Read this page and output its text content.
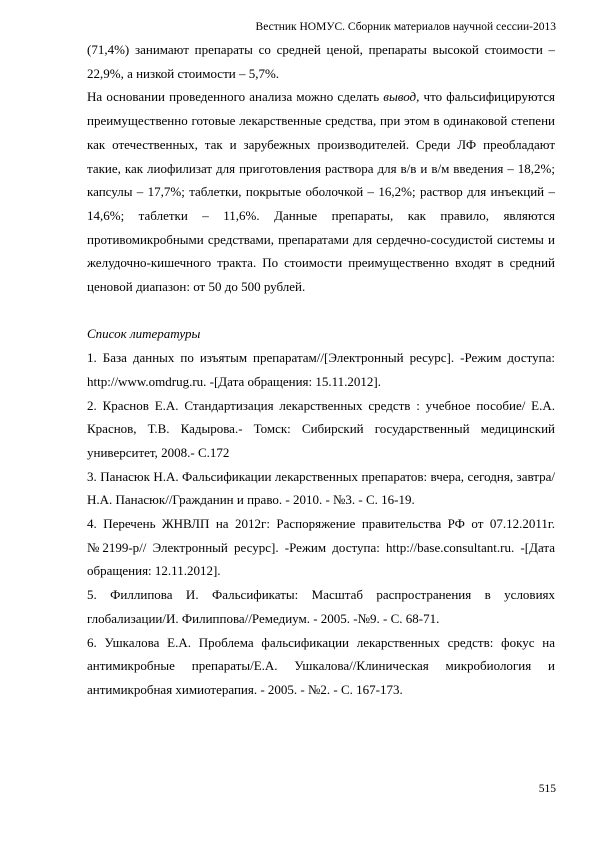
Вестник НОМУС. Сборник материалов научной сессии-2013

(71,4%) занимают препараты со средней ценой, препараты высокой стоимости – 22,9%, а низкой стоимости – 5,7%.

На основании проведенного анализа можно сделать вывод, что фальсифицируются преимущественно готовые лекарственные средства, при этом в одинаковой степени как отечественных, так и зарубежных производителей. Среди ЛФ преобладают такие, как лиофилизат для приготовления раствора для в/в и в/м введения – 18,2%; капсулы – 17,7%; таблетки, покрытые оболочкой – 16,2%; раствор для инъекций – 14,6%; таблетки – 11,6%. Данные препараты, как правило, являются противомикробными средствами, препаратами для сердечно-сосудистой системы и желудочно-кишечного тракта. По стоимости преимущественно входят в средний ценовой диапазон: от 50 до 500 рублей.

Список литературы

1. База данных по изъятым препаратам//[Электронный ресурс]. -Режим доступа: http://www.omdrug.ru. -[Дата обращения: 15.11.2012].

2. Краснов Е.А. Стандартизация лекарственных средств : учебное пособие/ Е.А. Краснов, Т.В. Кадырова.- Томск: Сибирский государственный медицинский университет, 2008.- С.172

3. Панасюк Н.А. Фальсификации лекарственных препаратов: вчера, сегодня, завтра/Н.А. Панасюк//Гражданин и право. - 2010. - №3. - С. 16-19.

4. Перечень ЖНВЛП на 2012г: Распоряжение правительства РФ от 07.12.2011г. №2199-р// Электронный ресурс]. -Режим доступа: http://base.consultant.ru. -[Дата обращения: 12.11.2012].

5. Филлипова И. Фальсификаты: Масштаб распространения в условиях глобализации/И. Филиппова//Ремедиум. - 2005. -№9. - С. 68-71.

6. Ушкалова Е.А. Проблема фальсификации лекарственных средств: фокус на антимикробные препараты/Е.А. Ушкалова//Клиническая микробиология и антимикробная химиотерапия. - 2005. - №2. - С. 167-173.

515
